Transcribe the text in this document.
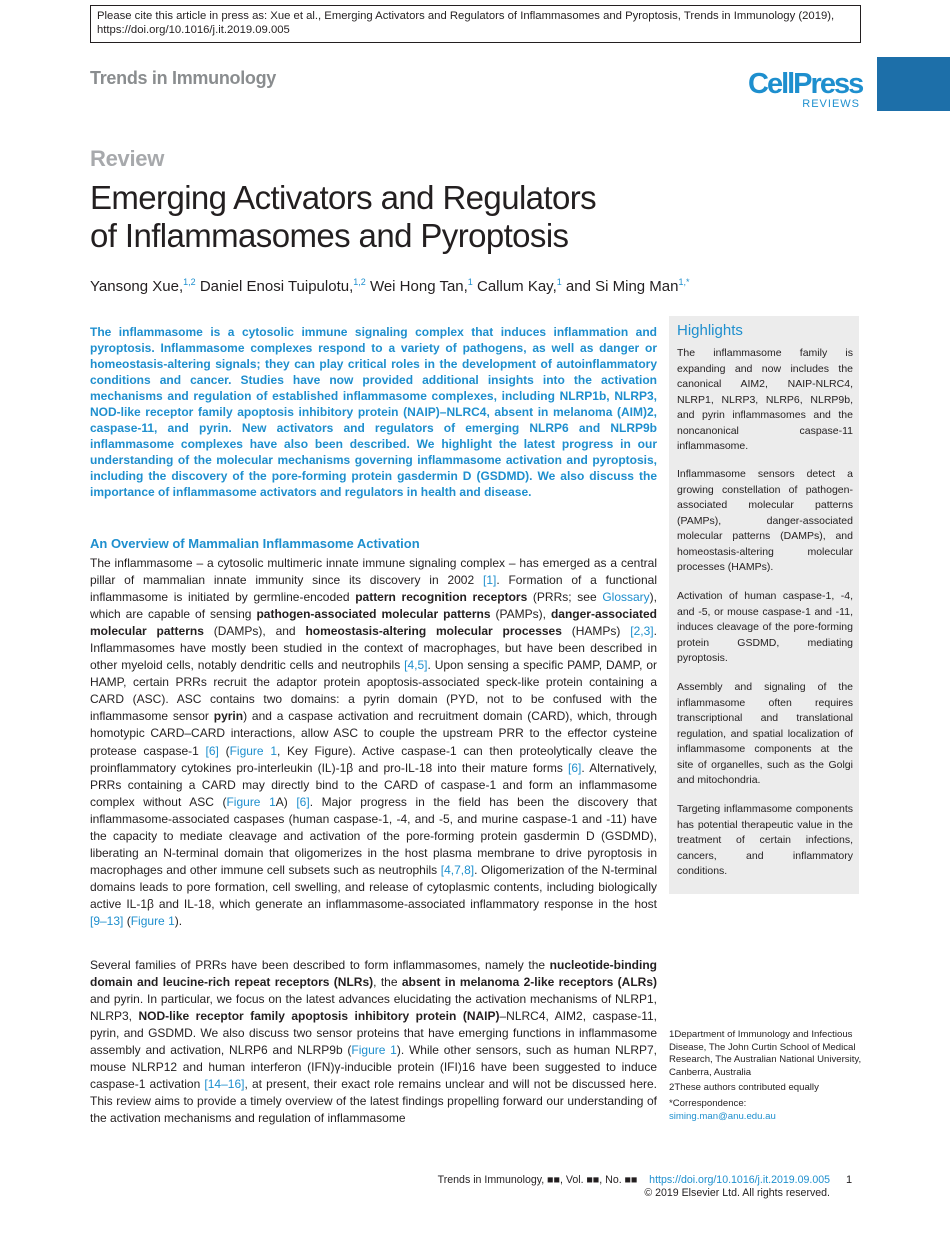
Please cite this article in press as: Xue et al., Emerging Activators and Regulators of Inflammasomes and Pyroptosis, Trends in Immunology (2019), https://doi.org/10.1016/j.it.2019.09.005
Trends in Immunology	CellPress
REVIEWS
Review
Emerging Activators and Regulators
of Inflammasomes and Pyroptosis
Yansong Xue,$^{1,2}$ Daniel Enosi Tuipulotu,$^{1,2}$ Wei Hong Tan,$^1$ Callum Kay,$^1$ and Si Ming Man$^{1,*}$

The inflammasome is a cytosolic immune signaling complex that induces inflammation and pyroptosis. Inflammasome complexes respond to a variety of pathogens, as well as danger or homeostasis-altering signals; they can play critical roles in the development of autoinflammatory conditions and cancer. Studies have now provided additional insights into the activation mechanisms and regulation of established inflammasome complexes, including NLRP1b, NLRP3, NOD-like receptor family apoptosis inhibitory protein (NAIP)–NLRC4, absent in melanoma (AIM)2, caspase-11, and pyrin. New activators and regulators of emerging NLRP6 and NLRP9b inflammasome complexes have also been described. We highlight the latest progress in our understanding of the molecular mechanisms governing inflammasome activation and pyroptosis, including the discovery of the pore-forming protein gasdermin D (GSDMD). We also discuss the importance of inflammasome activators and regulators in health and disease.

An Overview of Mammalian Inflammasome Activation

The inflammasome – a cytosolic multimeric innate immune signaling complex – has emerged as a central pillar of mammalian innate immunity since its discovery in 2002 [1]. Formation of a functional inflammasome is initiated by germline-encoded pattern recognition receptors (PRRs; see Glossary), which are capable of sensing pathogen-associated molecular patterns (PAMPs), danger-associated molecular patterns (DAMPs), and homeostasis-altering molecular processes (HAMPs) [2,3]. Inflammasomes have mostly been studied in the context of macrophages, but have been described in other myeloid cells, notably dendritic cells and neutrophils [4,5]. Upon sensing a specific PAMP, DAMP, or HAMP, certain PRRs recruit the adaptor protein apoptosis-associated speck-like protein containing a CARD (ASC). ASC contains two domains: a pyrin domain (PYD, not to be confused with the inflammasome sensor pyrin) and a caspase activation and recruitment domain (CARD), which, through homotypic CARD–CARD interactions, allow ASC to couple the upstream PRR to the effector cysteine protease caspase-1 [6] (Figure 1, Key Figure). Active caspase-1 can then proteolytically cleave the proinflammatory cytokines pro-interleukin (IL)-1β and pro-IL-18 into their mature forms [6]. Alternatively, PRRs containing a CARD may directly bind to the CARD of caspase-1 and form an inflammasome complex without ASC (Figure 1A) [6]. Major progress in the field has been the discovery that inflammasome-associated caspases (human caspase-1, -4, and -5, and murine caspase-1 and -11) have the capacity to mediate cleavage and activation of the pore-forming protein gasdermin D (GSDMD), liberating an N-terminal domain that oligomerizes in the host plasma membrane to drive pyroptosis in macrophages and other immune cell subsets such as neutrophils [4,7,8]. Oligomerization of the N-terminal domains leads to pore formation, cell swelling, and release of cytoplasmic contents, including biologically active IL-1β and IL-18, which generate an inflammasome-associated inflammatory response in the host [9–13] (Figure 1).

Several families of PRRs have been described to form inflammasomes, namely the nucleotide-binding domain and leucine-rich repeat receptors (NLRs), the absent in melanoma 2-like receptors (ALRs) and pyrin. In particular, we focus on the latest advances elucidating the activation mechanisms of NLRP1, NLRP3, NOD-like receptor family apoptosis inhibitory protein (NAIP)–NLRC4, AIM2, caspase-11, pyrin, and GSDMD. We also discuss two sensor proteins that have emerging functions in inflammasome assembly and activation, NLRP6 and NLRP9b (Figure 1). While other sensors, such as human NLRP7, mouse NLRP12 and human interferon (IFN)γ-inducible protein (IFI)16 have been suggested to induce caspase-1 activation [14–16], at present, their exact role remains unclear and will not be discussed here. This review aims to provide a timely overview of the latest findings propelling forward our understanding of the activation mechanisms and regulation of inflammasome

Highlights

The inflammasome family is expanding and now includes the canonical AIM2, NAIP-NLRC4, NLRP1, NLRP3, NLRP6, NLRP9b, and pyrin inflammasomes and the noncanonical caspase-11 inflammasome.

Inflammasome sensors detect a growing constellation of pathogen-associated molecular patterns (PAMPs), danger-associated molecular patterns (DAMPs), and homeostasis-altering molecular processes (HAMPs).

Activation of human caspase-1, -4, and -5, or mouse caspase-1 and -11, induces cleavage of the pore-forming protein GSDMD, mediating pyroptosis.

Assembly and signaling of the inflammasome often requires transcriptional and translational regulation, and spatial localization of inflammasome components at the site of organelles, such as the Golgi and mitochondria.

Targeting inflammasome components has potential therapeutic value in the treatment of certain infections, cancers, and inflammatory conditions.

1Department of Immunology and Infectious Disease, The John Curtin School of Medical Research, The Australian National University, Canberra, Australia

2These authors contributed equally

*Correspondence:

siming.man@anu.edu.au

Trends in Immunology, ■■, Vol. ■■, No. ■■ https://doi.org/10.1016/j.it.2019.09.005
© 2019 Elsevier Ltd. All rights reserved.
1
